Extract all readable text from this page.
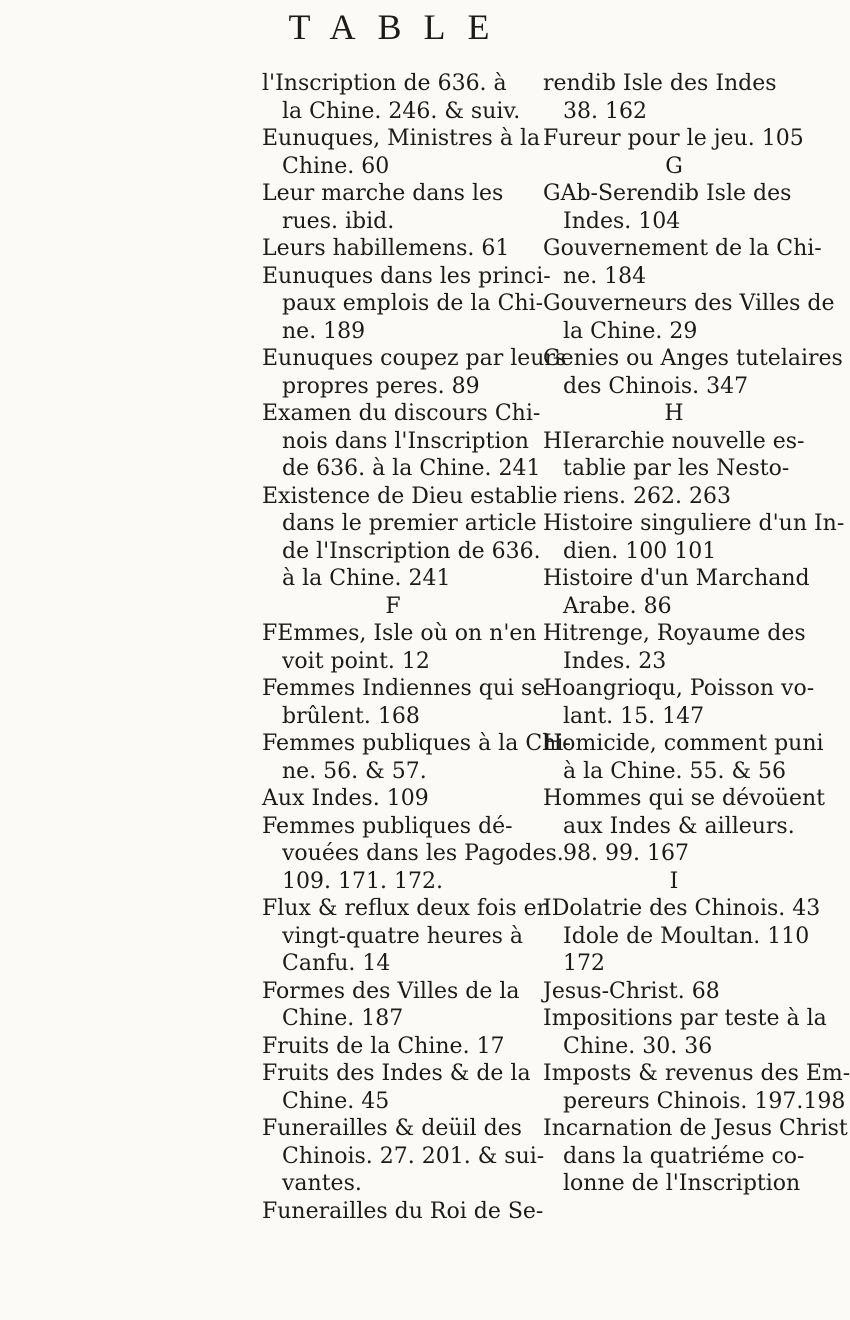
TABLE
l'Inscription de 636. à
la Chine. 246. & suiv.
Eunuques, Ministres à la
Chine. 60
Leur marche dans les
rues. ibid.
Leurs habillemens. 61
Eunuques dans les princi-
paux emplois de la Chi-
ne. 189
Eunuques coupez par leurs
propres peres. 89
Examen du discours Chi-
nois dans l'Inscription
de 636. à la Chine. 241
Existence de Dieu establie
dans le premier article
de l'Inscription de 636.
à la Chine. 241
F
FEmmes, Isle où on n'en
voit point. 12
Femmes Indiennes qui se
brûlent. 168
Femmes publiques à la Chi-
ne. 56. & 57.
Aux Indes. 109
Femmes publiques dé-
vouées dans les Pagodes.
109. 171. 172.
Flux & reflux deux fois en
vingt-quatre heures à
Canfu. 14
Formes des Villes de la
Chine. 187
Fruits de la Chine. 17
Fruits des Indes & de la
Chine. 45
Funerailles & deüil des
Chinois. 27. 201. & sui-
vantes.
Funerailles du Roi de Se-
rendib Isle des Indes
38. 162
Fureur pour le jeu. 105
G
GAb-Serendib Isle des
Indes. 104
Gouvernement de la Chi-
ne. 184
Gouverneurs des Villes de
la Chine. 29
Genies ou Anges tutelaires
des Chinois. 347
H
HIerarchie nouvelle es-
tablie par les Nesto-
riens. 262. 263
Histoire singuliere d'un In-
dien. 100 101
Histoire d'un Marchand
Arabe. 86
Hitrenge, Royaume des
Indes. 23
Hoangrioqu, Poisson vo-
lant. 15. 147
Homicide, comment puni
à la Chine. 55. & 56
Hommes qui se dévoüent
aux Indes & ailleurs.
98. 99. 167
I
IDolatrie des Chinois. 43
Idole de Moultan. 110
172
Jesus-Christ. 68
Impositions par teste à la
Chine. 30. 36
Imposts & revenus des Em-
pereurs Chinois. 197.198
Incarnation de Jesus Christ
dans la quatriéme co-
lonne de l'Inscription
